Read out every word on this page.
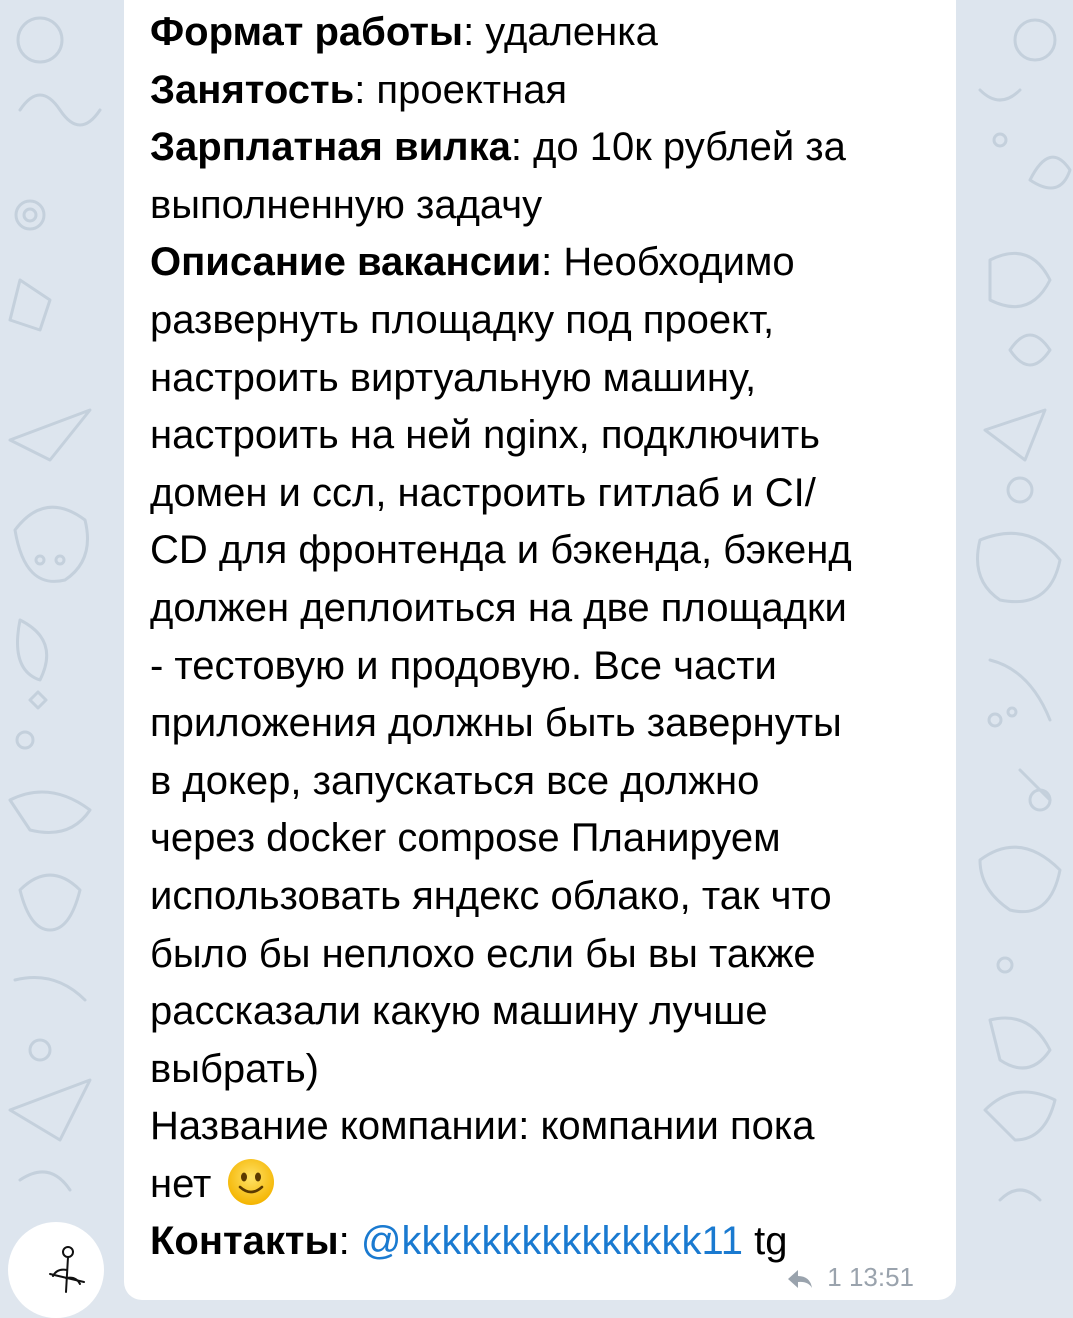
Формат работы: удаленка
Занятость: проектная
Зарплатная вилка: до 10к рублей за
выполненную задачу
Описание вакансии: Необходимо
развернуть площадку под проект,
настроить виртуальную машину,
настроить на ней nginx, подключить
домен и ссл, настроить гитлаб и CI/
CD для фронтенда и бэкенда, бэкенд
должен деплоиться на две площадки
- тестовую и продовую. Все части
приложения должны быть завернуты
в докер, запускаться все должно
через docker compose Планируем
использовать яндекс облако, так что
было бы неплохо если бы вы также
рассказали какую машину лучше
выбрать)
Название компании: компании пока
нет
Контакты: @kkkkkkkkkkkkkkk11 tg
1 13:51
